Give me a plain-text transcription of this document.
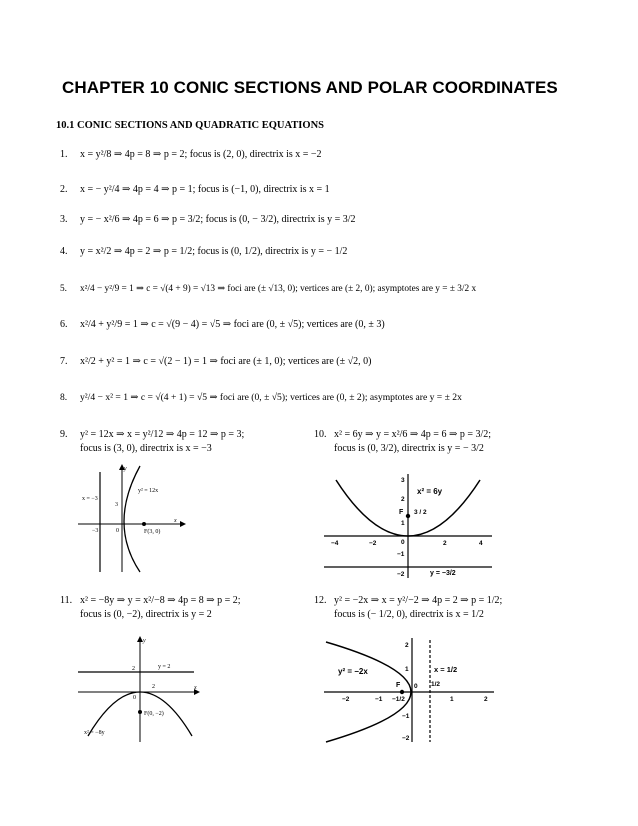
CHAPTER 10 CONIC SECTIONS AND POLAR COORDINATES
10.1 CONIC SECTIONS AND QUADRATIC EQUATIONS
1. x = y²/8 ⇒ 4p = 8 ⇒ p = 2; focus is (2, 0), directrix is x = −2
2. x = − y²/4 ⇒ 4p = 4 ⇒ p = 1; focus is (−1, 0), directrix is x = 1
3. y = − x²/6 ⇒ 4p = 6 ⇒ p = 3/2; focus is (0, − 3/2), directrix is y = 3/2
4. y = x²/2 ⇒ 4p = 2 ⇒ p = 1/2; focus is (0, 1/2), directrix is y = − 1/2
5. x²/4 − y²/9 = 1 ⇒ c = √(4 + 9) = √13 ⇒ foci are (± √13, 0); vertices are (± 2, 0); asymptotes are y = ± 3/2 x
6. x²/4 + y²/9 = 1 ⇒ c = √(9 − 4) = √5 ⇒ foci are (0, ± √5); vertices are (0, ± 3)
7. x²/2 + y² = 1 ⇒ c = √(2 − 1) = 1 ⇒ foci are (± 1, 0); vertices are (± √2, 0)
8. y²/4 − x² = 1 ⇒ c = √(4 + 1) = √5 ⇒ foci are (0, ± √5); vertices are (0, ± 2); asymptotes are y = ± 2x
9. y² = 12x ⇒ x = y²/12 ⇒ 4p = 12 ⇒ p = 3;
focus is (3, 0), directrix is x = −3
10. x² = 6y ⇒ y = x²/6 ⇒ 4p = 6 ⇒ p = 3/2;
focus is (0, 3/2), directrix is y = − 3/2
x = −3
y² = 12x
3
−3	0	F(3, 0)
x
y
x² = 6y
F 3 / 2
y = −3/2
−4	−2	2	4
3
2
1
−1
−2
0
11. x² = −8y ⇒ y = x²/−8 ⇒ 4p = 8 ⇒ p = 2;
focus is (0, −2), directrix is y = 2
12. y² = −2x ⇒ x = y²/−2 ⇒ 4p = 2 ⇒ p = 1/2;
focus is (− 1/2, 0), directrix is x = 1/2
y = 2
2
2
0
F(0, −2)
x² = −8y
x
y
y² = −2x
F
x = 1/2
1/2
−1/2
−2	−1	1	2
2
1
−1
−2
0
